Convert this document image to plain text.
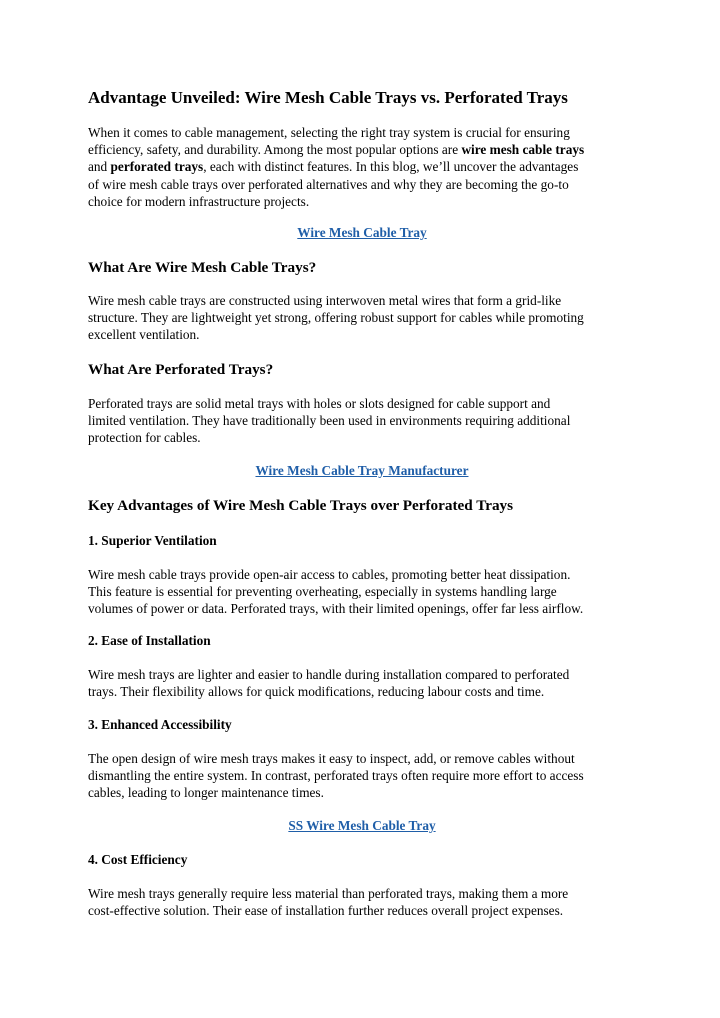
Advantage Unveiled: Wire Mesh Cable Trays vs. Perforated Trays
When it comes to cable management, selecting the right tray system is crucial for ensuring
efficiency, safety, and durability. Among the most popular options are wire mesh cable trays
and perforated trays, each with distinct features. In this blog, we’ll uncover the advantages
of wire mesh cable trays over perforated alternatives and why they are becoming the go-to
choice for modern infrastructure projects.
Wire Mesh Cable Tray
What Are Wire Mesh Cable Trays?
Wire mesh cable trays are constructed using interwoven metal wires that form a grid-like
structure. They are lightweight yet strong, offering robust support for cables while promoting
excellent ventilation.
What Are Perforated Trays?
Perforated trays are solid metal trays with holes or slots designed for cable support and
limited ventilation. They have traditionally been used in environments requiring additional
protection for cables.
Wire Mesh Cable Tray Manufacturer
Key Advantages of Wire Mesh Cable Trays over Perforated Trays
1. Superior Ventilation
Wire mesh cable trays provide open-air access to cables, promoting better heat dissipation.
This feature is essential for preventing overheating, especially in systems handling large
volumes of power or data. Perforated trays, with their limited openings, offer far less airflow.
2. Ease of Installation
Wire mesh trays are lighter and easier to handle during installation compared to perforated
trays. Their flexibility allows for quick modifications, reducing labour costs and time.
3. Enhanced Accessibility
The open design of wire mesh trays makes it easy to inspect, add, or remove cables without
dismantling the entire system. In contrast, perforated trays often require more effort to access
cables, leading to longer maintenance times.
SS Wire Mesh Cable Tray
4. Cost Efficiency
Wire mesh trays generally require less material than perforated trays, making them a more
cost-effective solution. Their ease of installation further reduces overall project expenses.
